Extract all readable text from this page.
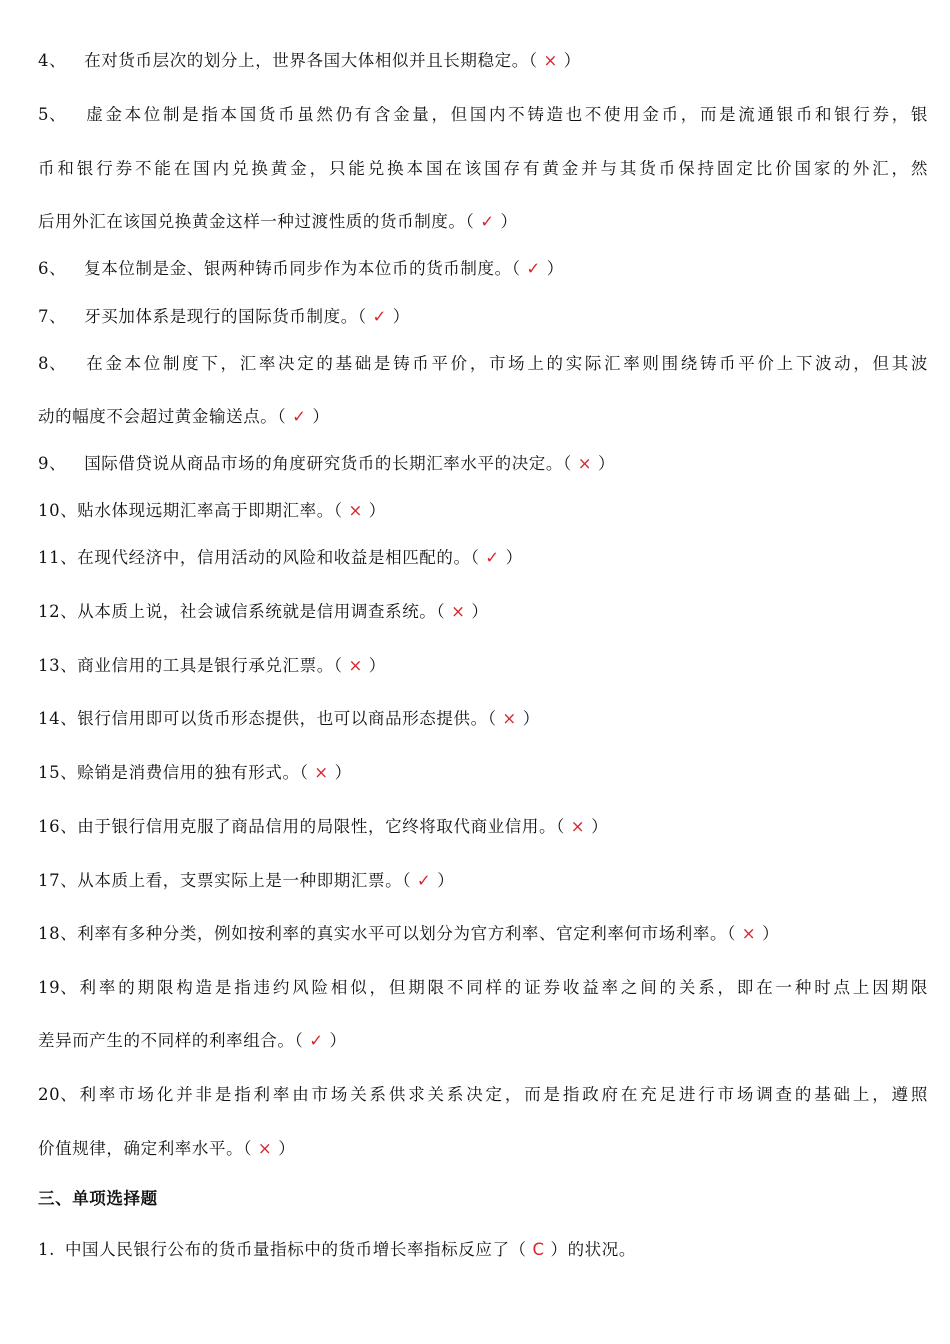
4、 在对货币层次的划分上，世界各国大体相似并且长期稳定。（ × ）
5、 虚金本位制是指本国货币虽然仍有含金量，但国内不铸造也不使用金币，而是流通银币和银行券，银
币和银行券不能在国内兑换黄金，只能兑换本国在该国存有黄金并与其货币保持固定比价国家的外汇，然
后用外汇在该国兑换黄金这样一种过渡性质的货币制度。（ ✓ ）
6、 复本位制是金、银两种铸币同步作为本位币的货币制度。（ ✓ ）
7、 牙买加体系是现行的国际货币制度。（ ✓ ）
8、 在金本位制度下，汇率决定的基础是铸币平价，市场上的实际汇率则围绕铸币平价上下波动，但其波
动的幅度不会超过黄金输送点。（ ✓ ）
9、 国际借贷说从商品市场的角度研究货币的长期汇率水平的决定。（ × ）
10、贴水体现远期汇率高于即期汇率。（ × ）
11、在现代经济中，信用活动的风险和收益是相匹配的。（ ✓ ）
12、从本质上说，社会诚信系统就是信用调查系统。（ × ）
13、商业信用的工具是银行承兑汇票。（ × ）
14、银行信用即可以货币形态提供，也可以商品形态提供。（ × ）
15、赊销是消费信用的独有形式。（ × ）
16、由于银行信用克服了商品信用的局限性，它终将取代商业信用。（ × ）
17、从本质上看，支票实际上是一种即期汇票。（ ✓ ）
18、利率有多种分类，例如按利率的真实水平可以划分为官方利率、官定利率何市场利率。（ × ）
19、利率的期限构造是指违约风险相似，但期限不同样的证券收益率之间的关系，即在一种时点上因期限
差异而产生的不同样的利率组合。（ ✓ ）
20、利率市场化并非是指利率由市场关系供求关系决定，而是指政府在充足进行市场调查的基础上，遵照
价值规律，确定利率水平。（ × ）
三、单项选择题
1. 中国人民银行公布的货币量指标中的货币增长率指标反应了（ C ）的状况。
